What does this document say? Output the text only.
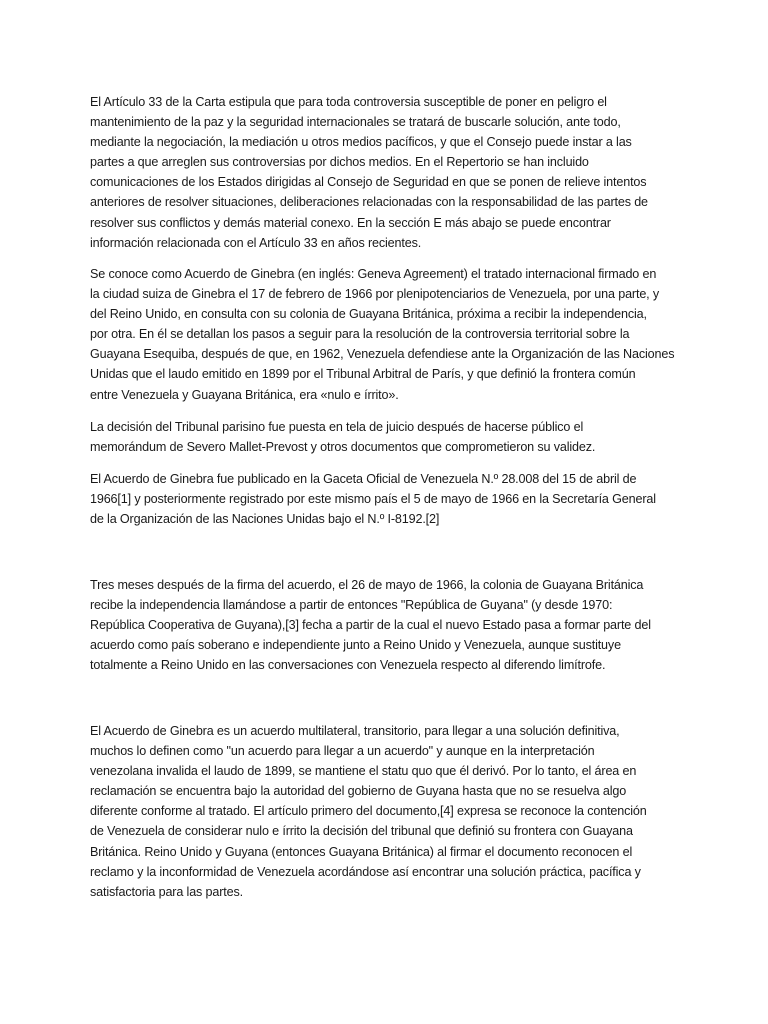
El Artículo 33 de la Carta estipula que para toda controversia susceptible de poner en peligro el
mantenimiento de la paz y la seguridad internacionales se tratará de buscarle solución, ante todo,
mediante la negociación, la mediación u otros medios pacíficos, y que el Consejo puede instar a las
partes a que arreglen sus controversias por dichos medios. En el Repertorio se han incluido
comunicaciones de los Estados dirigidas al Consejo de Seguridad en que se ponen de relieve intentos
anteriores de resolver situaciones, deliberaciones relacionadas con la responsabilidad de las partes de
resolver sus conflictos y demás material conexo. En la sección E más abajo se puede encontrar
información relacionada con el Artículo 33 en años recientes.

Se conoce como Acuerdo de Ginebra (en inglés: Geneva Agreement) el tratado internacional firmado en
la ciudad suiza de Ginebra el 17 de febrero de 1966 por plenipotenciarios de Venezuela, por una parte, y
del Reino Unido, en consulta con su colonia de Guayana Británica, próxima a recibir la independencia,
por otra. En él se detallan los pasos a seguir para la resolución de la controversia territorial sobre la
Guayana Esequiba, después de que, en 1962, Venezuela defendiese ante la Organización de las Naciones
Unidas que el laudo emitido en 1899 por el Tribunal Arbitral de París, y que definió la frontera común
entre Venezuela y Guayana Británica, era «nulo e írrito».

La decisión del Tribunal parisino fue puesta en tela de juicio después de hacerse público el
memorándum de Severo Mallet-Prevost y otros documentos que comprometieron su validez.

El Acuerdo de Ginebra fue publicado en la Gaceta Oficial de Venezuela N.º 28.008 del 15 de abril de
1966[1] y posteriormente registrado por este mismo país el 5 de mayo de 1966 en la Secretaría General
de la Organización de las Naciones Unidas bajo el N.º I-8192.[2]

Tres meses después de la firma del acuerdo, el 26 de mayo de 1966, la colonia de Guayana Británica
recibe la independencia llamándose a partir de entonces "República de Guyana" (y desde 1970:
República Cooperativa de Guyana),[3] fecha a partir de la cual el nuevo Estado pasa a formar parte del
acuerdo como país soberano e independiente junto a Reino Unido y Venezuela, aunque sustituye
totalmente a Reino Unido en las conversaciones con Venezuela respecto al diferendo limítrofe.

El Acuerdo de Ginebra es un acuerdo multilateral, transitorio, para llegar a una solución definitiva,
muchos lo definen como "un acuerdo para llegar a un acuerdo" y aunque en la interpretación
venezolana invalida el laudo de 1899, se mantiene el statu quo que él derivó. Por lo tanto, el área en
reclamación se encuentra bajo la autoridad del gobierno de Guyana hasta que no se resuelva algo
diferente conforme al tratado. El artículo primero del documento,[4] expresa se reconoce la contención
de Venezuela de considerar nulo e írrito la decisión del tribunal que definió su frontera con Guayana
Británica. Reino Unido y Guyana (entonces Guayana Británica) al firmar el documento reconocen el
reclamo y la inconformidad de Venezuela acordándose así encontrar una solución práctica, pacífica y
satisfactoria para las partes.
